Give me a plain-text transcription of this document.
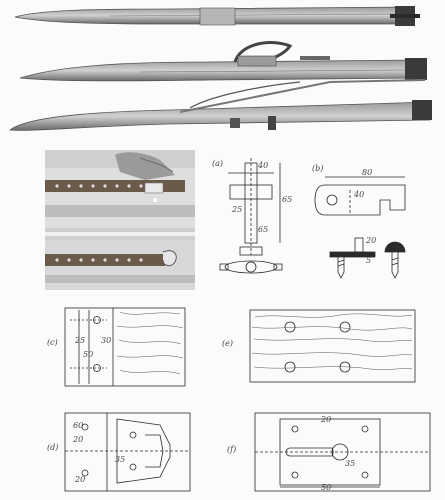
(a)	40
65
25
65
(b)	80
40
20
5
(c) 25
50
30	(e)
(d)
60
20
35
20
(f)
20
35
50
